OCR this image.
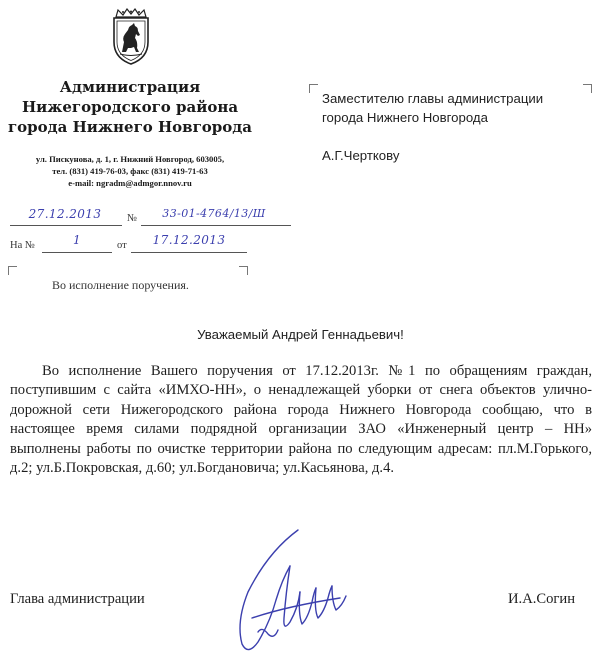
Администрация
Нижегородского района
города Нижнего Новгорода
ул. Пискунова, д. 1, г. Нижний Новгород, 603005,
тел. (831) 419-76-03, факс (831) 419-71-63
e-mail: ngradm@admgor.nnov.ru
27.12.2013	№	33-01-4764/13/Ш
На №	1	от	17.12.2013
Во исполнение поручения.
Заместителю главы администрации
города Нижнего Новгорода
А.Г.Черткову
Уважаемый Андрей Геннадьевич!
Во исполнение Вашего поручения от 17.12.2013г. №1 по обращениям граждан, поступившим с сайта «ИМХО-НН», о ненадлежащей уборки от снега объектов улично-дорожной сети Нижегородского района города Нижнего Новгорода сообщаю, что в настоящее время силами подрядной организации ЗАО «Инженерный центр – НН» выполнены работы по очистке территории района по следующим адресам: пл.М.Горького, д.2; ул.Б.Покровская, д.60; ул.Богдановича; ул.Касьянова, д.4.
Глава администрации	И.А.Согин
